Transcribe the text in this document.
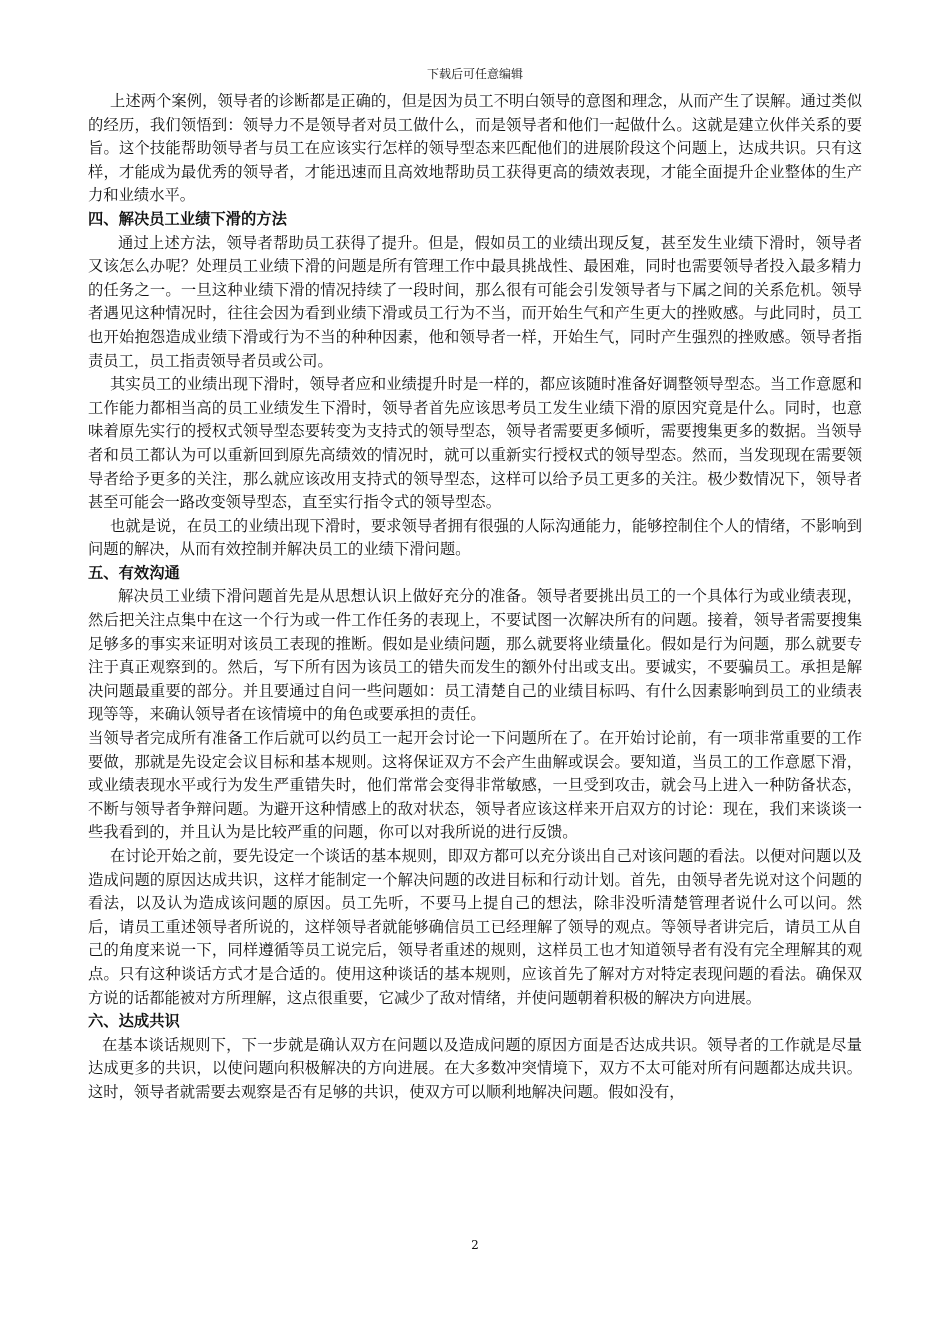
下载后可任意编辑

上述两个案例，领导者的诊断都是正确的，但是因为员工不明白领导的意图和理念，从而产生了误解。通过类似的经历，我们领悟到：领导力不是领导者对员工做什么，而是领导者和他们一起做什么。这就是建立伙伴关系的要旨。这个技能帮助领导者与员工在应该实行怎样的领导型态来匹配他们的进展阶段这个问题上，达成共识。只有这样，才能成为最优秀的领导者，才能迅速而且高效地帮助员工获得更高的绩效表现，才能全面提升企业整体的生产力和业绩水平。

四、解决员工业绩下滑的方法

通过上述方法，领导者帮助员工获得了提升。但是，假如员工的业绩出现反复，甚至发生业绩下滑时，领导者又该怎么办呢？处理员工业绩下滑的问题是所有管理工作中最具挑战性、最困难，同时也需要领导者投入最多精力的任务之一。一旦这种业绩下滑的情况持续了一段时间，那么很有可能会引发领导者与下属之间的关系危机。领导者遇见这种情况时，往往会因为看到业绩下滑或员工行为不当，而开始生气和产生更大的挫败感。与此同时，员工也开始抱怨造成业绩下滑或行为不当的种种因素，他和领导者一样，开始生气，同时产生强烈的挫败感。领导者指责员工，员工指责领导者员或公司。

其实员工的业绩出现下滑时，领导者应和业绩提升时是一样的，都应该随时准备好调整领导型态。当工作意愿和工作能力都相当高的员工业绩发生下滑时，领导者首先应该思考员工发生业绩下滑的原因究竟是什么。同时，也意味着原先实行的授权式领导型态要转变为支持式的领导型态，领导者需要更多倾听，需要搜集更多的数据。当领导者和员工都认为可以重新回到原先高绩效的情况时，就可以重新实行授权式的领导型态。然而，当发现现在需要领导者给予更多的关注，那么就应该改用支持式的领导型态，这样可以给予员工更多的关注。极少数情况下，领导者甚至可能会一路改变领导型态，直至实行指令式的领导型态。

也就是说，在员工的业绩出现下滑时，要求领导者拥有很强的人际沟通能力，能够控制住个人的情绪，不影响到问题的解决，从而有效控制并解决员工的业绩下滑问题。

五、有效沟通

解决员工业绩下滑问题首先是从思想认识上做好充分的准备。领导者要挑出员工的一个具体行为或业绩表现，然后把关注点集中在这一个行为或一件工作任务的表现上，不要试图一次解决所有的问题。接着，领导者需要搜集足够多的事实来证明对该员工表现的推断。假如是业绩问题，那么就要将业绩量化。假如是行为问题，那么就要专注于真正观察到的。然后，写下所有因为该员工的错失而发生的额外付出或支出。要诚实，不要骗员工。承担是解决问题最重要的部分。并且要通过自问一些问题如：员工清楚自己的业绩目标吗、有什么因素影响到员工的业绩表现等等，来确认领导者在该情境中的角色或要承担的责任。

当领导者完成所有准备工作后就可以约员工一起开会讨论一下问题所在了。在开始讨论前，有一项非常重要的工作要做，那就是先设定会议目标和基本规则。这将保证双方不会产生曲解或误会。要知道，当员工的工作意愿下滑，或业绩表现水平或行为发生严重错失时，他们常常会变得非常敏感，一旦受到攻击，就会马上进入一种防备状态，不断与领导者争辩问题。为避开这种情感上的敌对状态，领导者应该这样来开启双方的讨论：现在，我们来谈谈一些我看到的，并且认为是比较严重的问题，你可以对我所说的进行反馈。

在讨论开始之前，要先设定一个谈话的基本规则，即双方都可以充分谈出自己对该问题的看法。以便对问题以及造成问题的原因达成共识，这样才能制定一个解决问题的改进目标和行动计划。首先，由领导者先说对这个问题的看法，以及认为造成该问题的原因。员工先听，不要马上提自己的想法，除非没听清楚管理者说什么可以问。然后，请员工重述领导者所说的，这样领导者就能够确信员工已经理解了领导的观点。等领导者讲完后，请员工从自己的角度来说一下，同样遵循等员工说完后，领导者重述的规则，这样员工也才知道领导者有没有完全理解其的观点。只有这种谈话方式才是合适的。使用这种谈话的基本规则，应该首先了解对方对特定表现问题的看法。确保双方说的话都能被对方所理解，这点很重要，它减少了敌对情绪，并使问题朝着积极的解决方向进展。

六、达成共识

在基本谈话规则下，下一步就是确认双方在问题以及造成问题的原因方面是否达成共识。领导者的工作就是尽量达成更多的共识，以使问题向积极解决的方向进展。在大多数冲突情境下，双方不太可能对所有问题都达成共识。这时，领导者就需要去观察是否有足够的共识，使双方可以顺利地解决问题。假如没有，

2
